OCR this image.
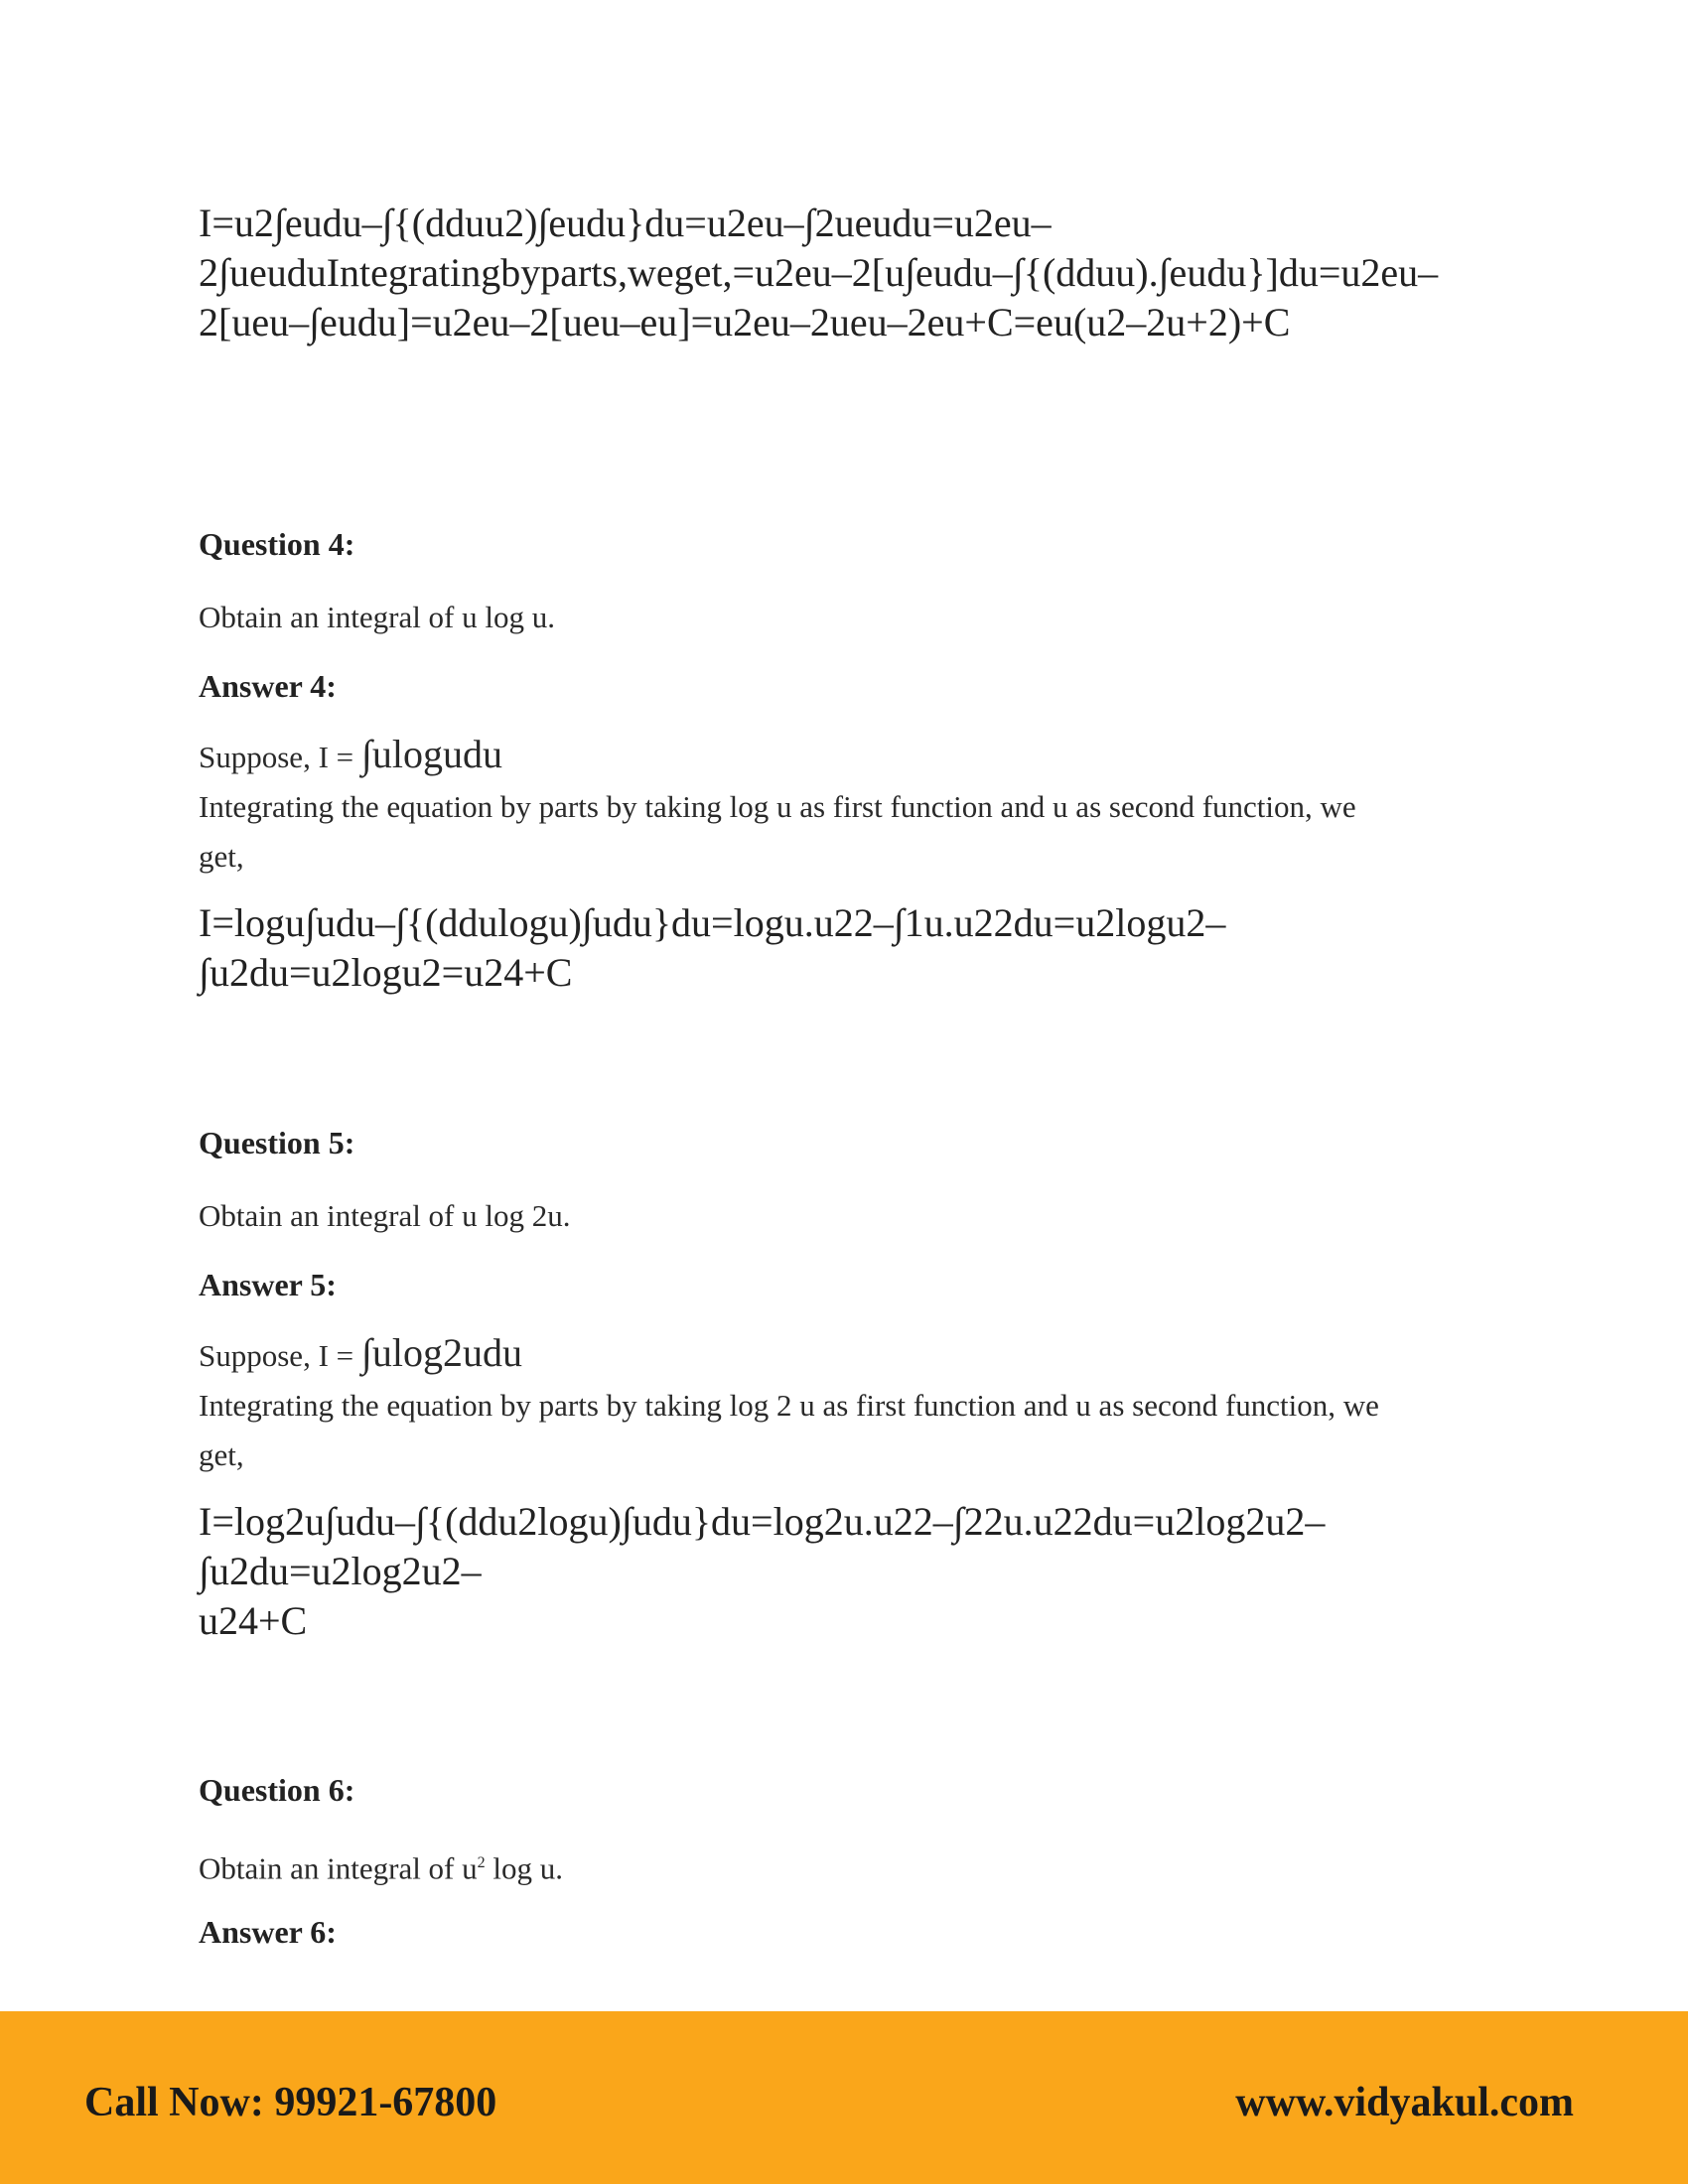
I=u2∫eudu–∫{(dduu2)∫eudu}du=u2eu–∫2ueudu=u2eu–

2∫ueuduIntegratingbyparts,weget,=u2eu–2[u∫eudu–∫{(dduu).∫eudu}]du=u2eu–

2[ueu–∫eudu]=u2eu–2[ueu–eu]=u2eu–2ueu–2eu+C=eu(u2–2u+2)+C

Question 4:

Obtain an integral of u log u.

Answer 4:

Suppose, I = ∫ulogudu

Integrating the equation by parts by taking log u as first function and u as second function, we

get,

I=logu∫udu–∫{(ddulogu)∫udu}du=logu.u22–∫1u.u22du=u2logu2–∫u2du=u2logu2=u24+C

Question 5:

Obtain an integral of u log 2u.

Answer 5:

Suppose, I = ∫ulog2udu

Integrating the equation by parts by taking log 2 u as first function and u as second function, we

get,

I=log2u∫udu–∫{(ddu2logu)∫udu}du=log2u.u22–∫22u.u22du=u2log2u2–∫u2du=u2log2u2–

u24+C

Question 6:

Obtain an integral of $u^2$ log u.

Answer 6:

Call Now: 99921-67800	www.vidyakul.com
